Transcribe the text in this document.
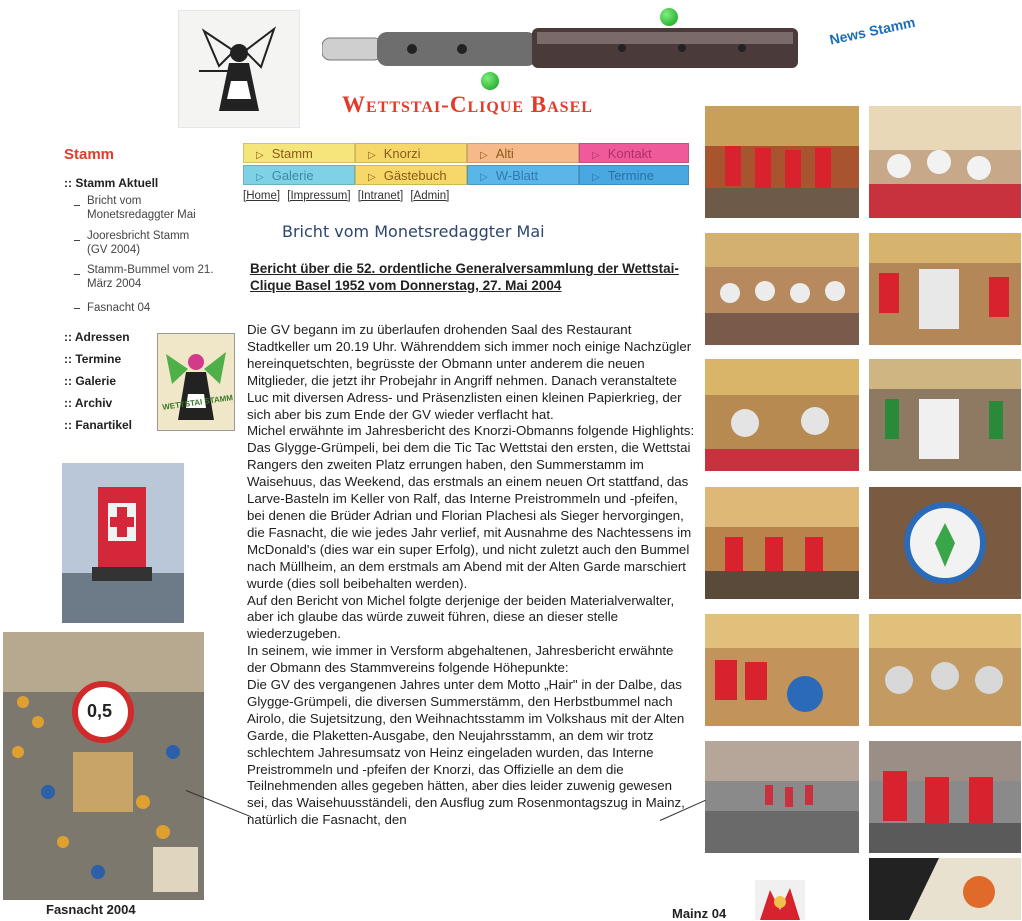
Wettstai-Clique Basel
News Stamm
Stamm
:: Stamm Aktuell
Bricht vom Monetsredaggter Mai
Jooresbricht Stamm (GV 2004)
Stamm-Bummel vom 21. März 2004
Fasnacht 04
:: Adressen
:: Termine
:: Galerie
:: Archiv
:: Fanartikel
WETTSTAI STAMM
0,5
Fasnacht 2004
▷ Stamm	▷ Knorzi	▷ Alti	▷ Kontakt
▷ Galerie	▷ Gästebuch	▷ W-Blatt	▷ Termine
[Home] [Impressum] [Intranet] [Admin]
Bricht vom Monetsredaggter Mai
Bericht über die 52. ordentliche Generalversammlung der Wettstai-Clique Basel 1952 vom Donnerstag, 27. Mai 2004

Die GV begann im zu überlaufen drohenden Saal des Restaurant Stadtkeller um 20.19 Uhr. Währenddem sich immer noch einige Nachzügler hereinquetschten, begrüsste der Obmann unter anderem die neuen Mitglieder, die jetzt ihr Probejahr in Angriff nehmen. Danach veranstaltete Luc mit diversen Adress- und Präsenzlisten einen kleinen Papierkrieg, der sich aber bis zum Ende der GV wieder verflacht hat.

Michel erwähnte im Jahresbericht des Knorzi-Obmanns folgende Highlights:

Das Glygge-Grümpeli, bei dem die Tic Tac Wettstai den ersten, die Wettstai Rangers den zweiten Platz errungen haben, den Summerstamm im Waisehuus, das Weekend, das erstmals an einem neuen Ort stattfand, das Larve-Basteln im Keller von Ralf, das Interne Preistrommeln und -pfeifen, bei denen die Brüder Adrian und Florian Plachesi als Sieger hervorgingen, die Fasnacht, die wie jedes Jahr verlief, mit Ausnahme des Nachtessens im McDonald's (dies war ein super Erfolg), und nicht zuletzt auch den Bummel nach Müllheim, an dem erstmals am Abend mit der Alten Garde marschiert wurde (dies soll beibehalten werden).

Auf den Bericht von Michel folgte derjenige der beiden Materialverwalter, aber ich glaube das würde zuweit führen, diese an dieser stelle wiederzugeben.

In seinem, wie immer in Versform abgehaltenen, Jahresbericht erwähnte der Obmann des Stammvereins folgende Höhepunkte:

Die GV des vergangenen Jahres unter dem Motto „Hair" in der Dalbe, das Glygge-Grümpeli, die diversen Summerstämm, den Herbstbummel nach Airolo, die Sujetsitzung, den Weihnachtsstamm im Volkshaus mit der Alten Garde, die Plaketten-Ausgabe, den Neujahrsstamm, an dem wir trotz schlechtem Jahresumsatz von Heinz eingeladen wurden, das Interne Preistrommeln und -pfeifen der Knorzi, das Offizielle an dem die Teilnehmenden alles gegeben hätten, aber dies leider zuwenig gewesen sei, das Waisehuusständeli, den Ausflug zum Rosenmontagszug in Mainz, natürlich die Fasnacht, den

Mainz 04
